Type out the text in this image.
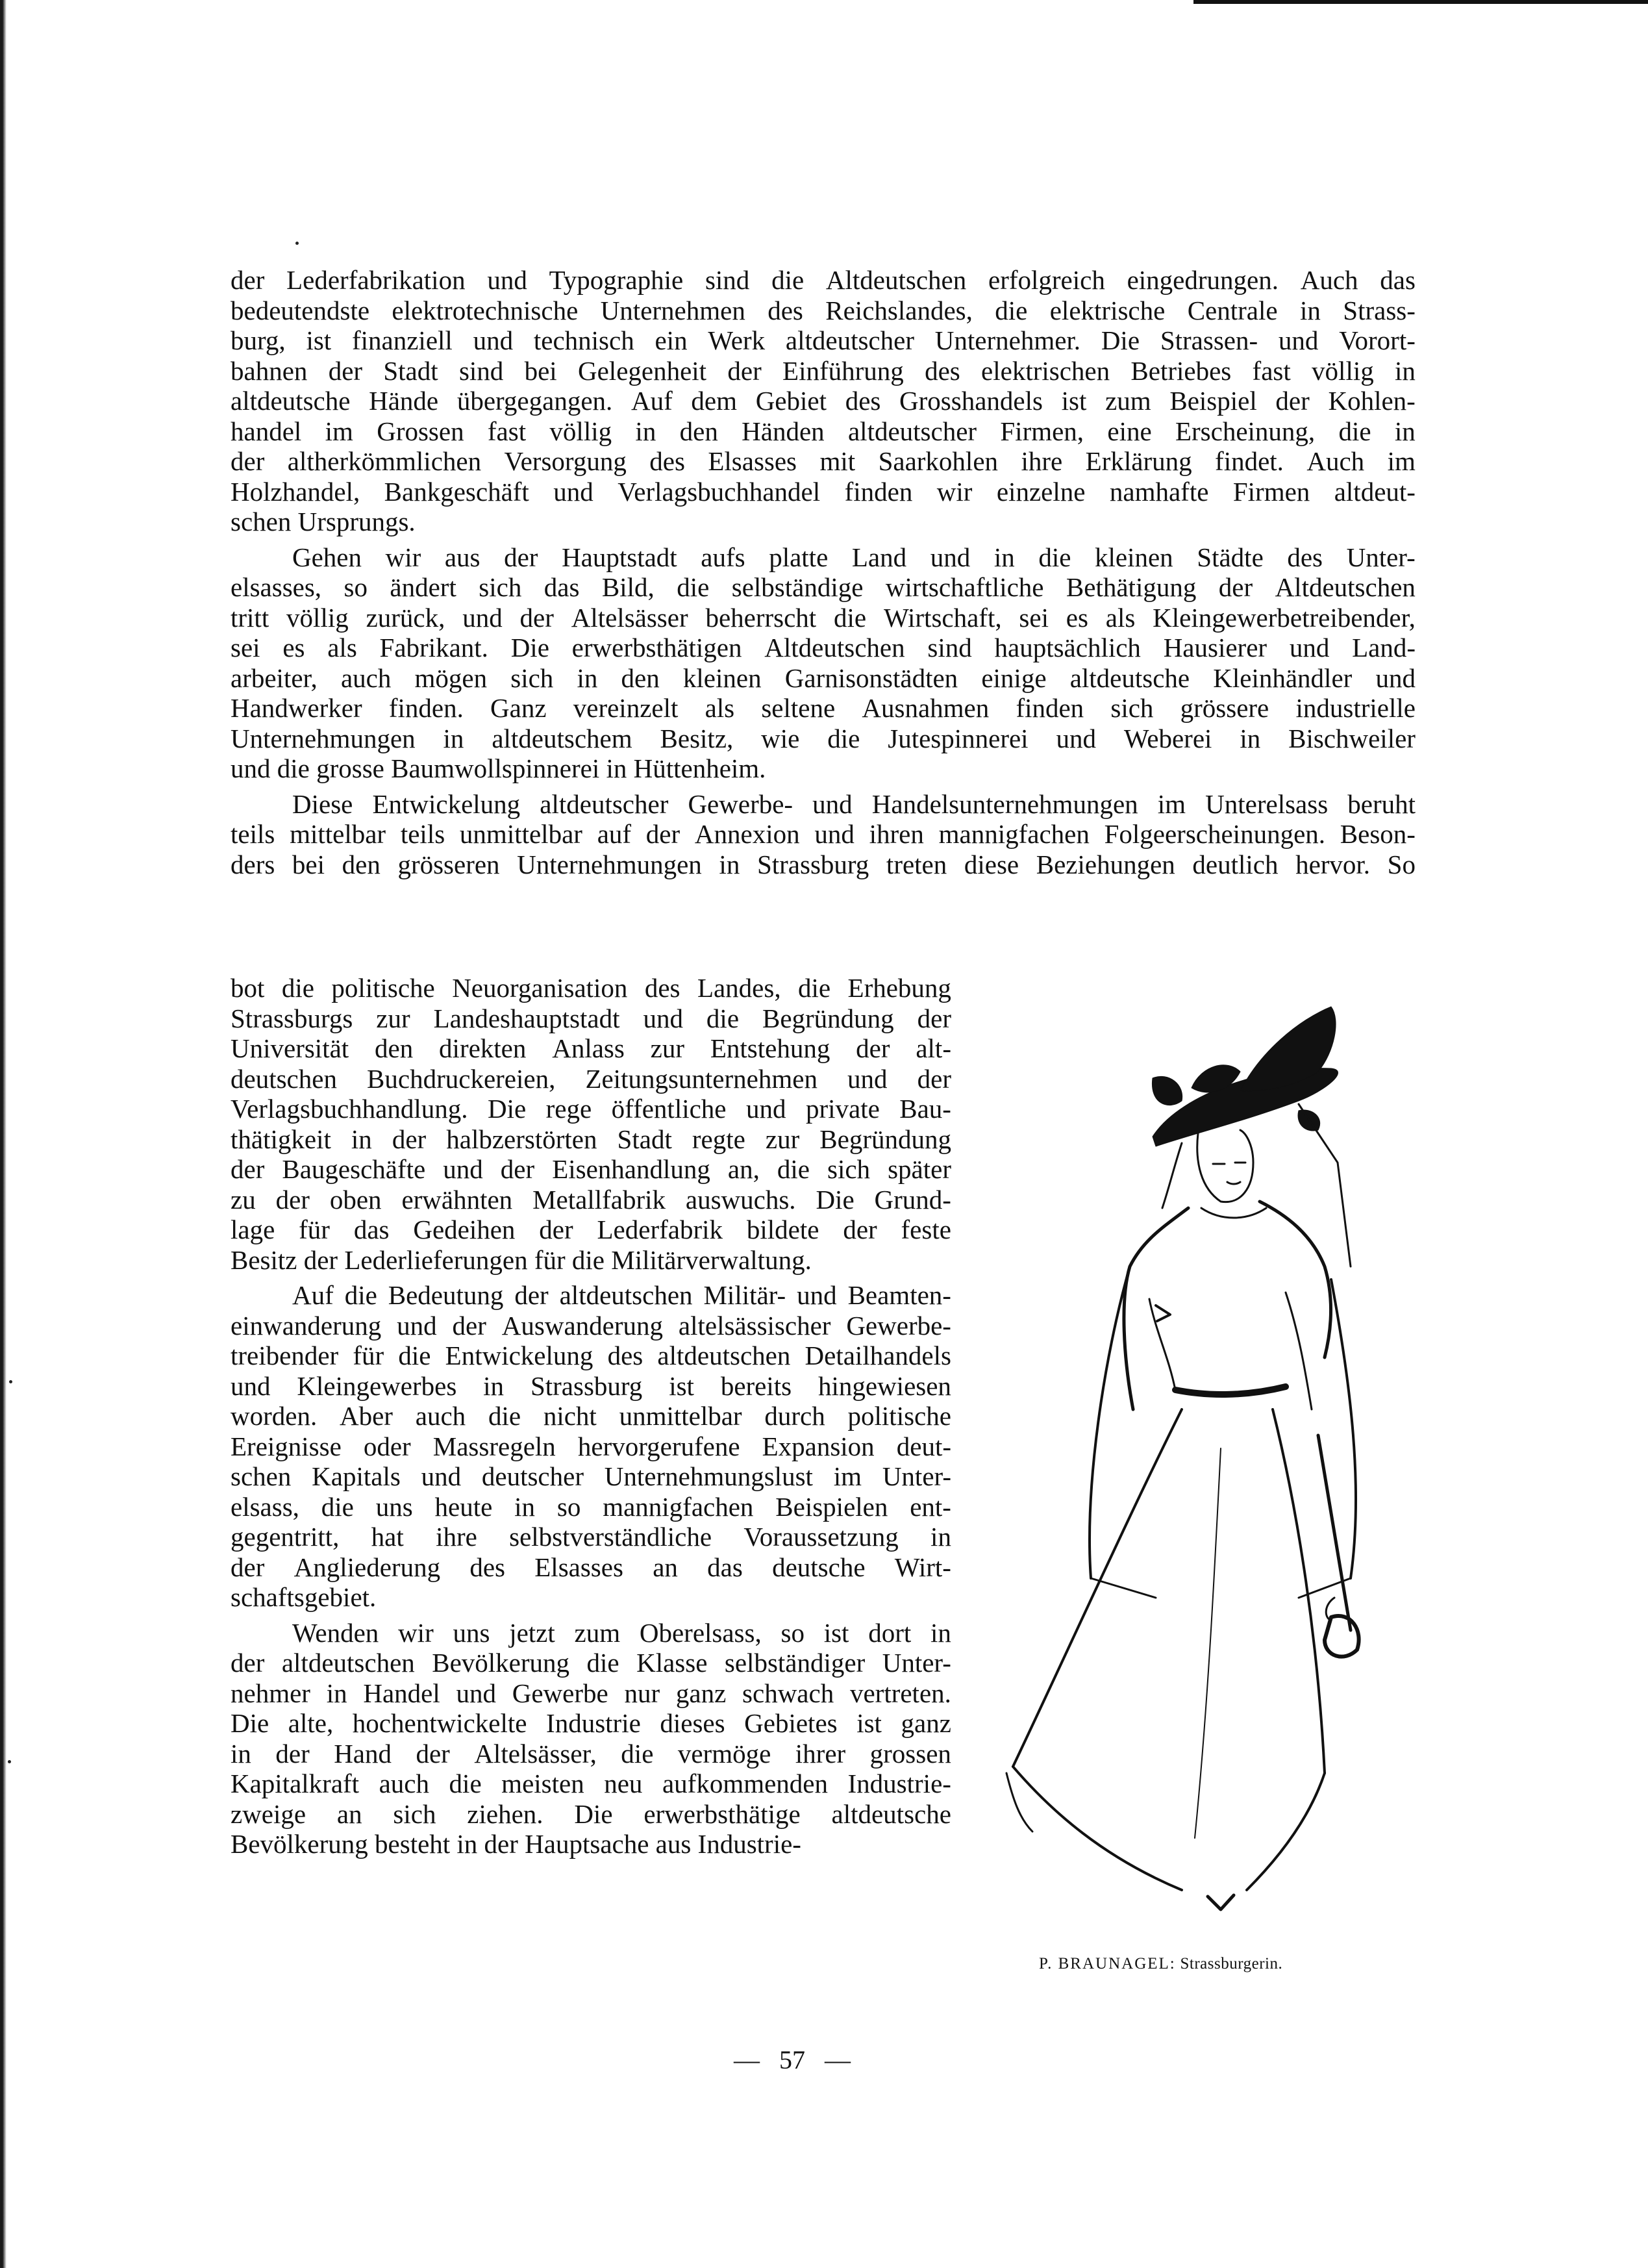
der Lederfabrikation und Typographie sind die Altdeutschen erfolgreich eingedrungen. Auch das
bedeutendste elektrotechnische Unternehmen des Reichslandes, die elektrische Centrale in Strass-
burg, ist finanziell und technisch ein Werk altdeutscher Unternehmer. Die Strassen- und Vorort-
bahnen der Stadt sind bei Gelegenheit der Einführung des elektrischen Betriebes fast völlig in
altdeutsche Hände übergegangen. Auf dem Gebiet des Grosshandels ist zum Beispiel der Kohlen-
handel im Grossen fast völlig in den Händen altdeutscher Firmen, eine Erscheinung, die in
der altherkömmlichen Versorgung des Elsasses mit Saarkohlen ihre Erklärung findet. Auch im
Holzhandel, Bankgeschäft und Verlagsbuchhandel finden wir einzelne namhafte Firmen altdeut-
schen Ursprungs.
Gehen wir aus der Hauptstadt aufs platte Land und in die kleinen Städte des Unter-
elsasses, so ändert sich das Bild, die selbständige wirtschaftliche Bethätigung der Altdeutschen
tritt völlig zurück, und der Altelsässer beherrscht die Wirtschaft, sei es als Kleingewerbetreibender,
sei es als Fabrikant. Die erwerbsthätigen Altdeutschen sind hauptsächlich Hausierer und Land-
arbeiter, auch mögen sich in den kleinen Garnisonstädten einige altdeutsche Kleinhändler und
Handwerker finden. Ganz vereinzelt als seltene Ausnahmen finden sich grössere industrielle
Unternehmungen in altdeutschem Besitz, wie die Jutespinnerei und Weberei in Bischweiler
und die grosse Baumwollspinnerei in Hüttenheim.
Diese Entwickelung altdeutscher Gewerbe- und Handelsunternehmungen im Unterelsass beruht
teils mittelbar teils unmittelbar auf der Annexion und ihren mannigfachen Folgeerscheinungen. Beson-
ders bei den grösseren Unternehmungen in Strassburg treten diese Beziehungen deutlich hervor. So
bot die politische Neuorganisation des Landes, die Erhebung
Strassburgs zur Landeshauptstadt und die Begründung der
Universität den direkten Anlass zur Entstehung der alt-
deutschen Buchdruckereien, Zeitungsunternehmen und der
Verlagsbuchhandlung. Die rege öffentliche und private Bau-
thätigkeit in der halbzerstörten Stadt regte zur Begründung
der Baugeschäfte und der Eisenhandlung an, die sich später
zu der oben erwähnten Metallfabrik auswuchs. Die Grund-
lage für das Gedeihen der Lederfabrik bildete der feste
Besitz der Lederlieferungen für die Militärverwaltung.
Auf die Bedeutung der altdeutschen Militär- und Beamten-
einwanderung und der Auswanderung altelsässischer Gewerbe-
treibender für die Entwickelung des altdeutschen Detailhandels
und Kleingewerbes in Strassburg ist bereits hingewiesen
worden. Aber auch die nicht unmittelbar durch politische
Ereignisse oder Massregeln hervorgerufene Expansion deut-
schen Kapitals und deutscher Unternehmungslust im Unter-
elsass, die uns heute in so mannigfachen Beispielen ent-
gegentritt, hat ihre selbstverständliche Voraussetzung in
der Angliederung des Elsasses an das deutsche Wirt-
schaftsgebiet.
Wenden wir uns jetzt zum Oberelsass, so ist dort in
der altdeutschen Bevölkerung die Klasse selbständiger Unter-
nehmer in Handel und Gewerbe nur ganz schwach vertreten.
Die alte, hochentwickelte Industrie dieses Gebietes ist ganz
in der Hand der Altelsässer, die vermöge ihrer grossen
Kapitalkraft auch die meisten neu aufkommenden Industrie-
zweige an sich ziehen. Die erwerbsthätige altdeutsche
Bevölkerung besteht in der Hauptsache aus Industrie-
P. BRAUNAGEL: Strassburgerin.
— 57 —
